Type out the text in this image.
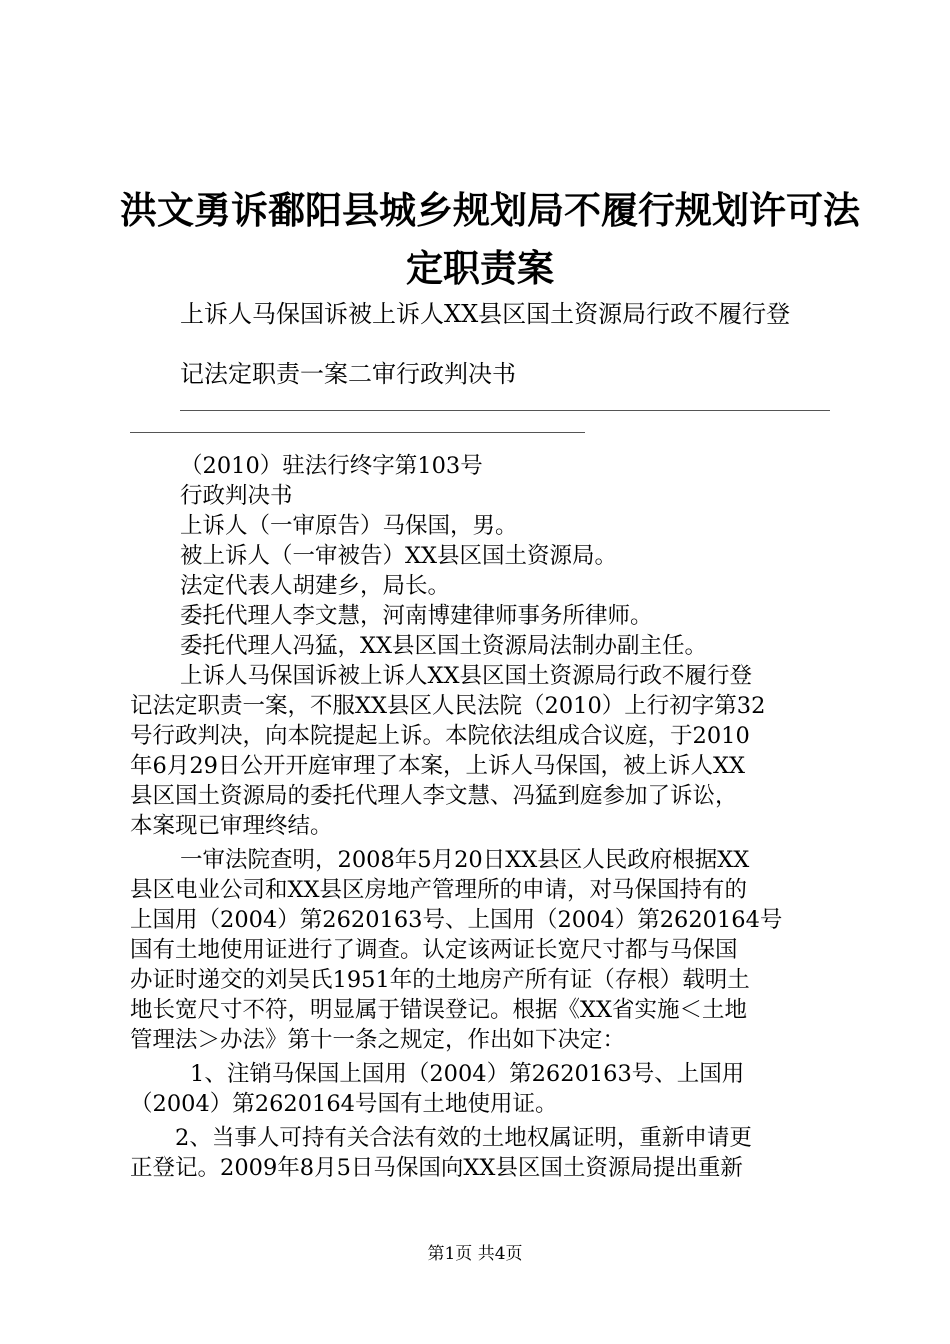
洪文勇诉鄱阳县城乡规划局不履行规划许可法
定职责案
上诉人马保国诉被上诉人XX县区国土资源局行政不履行登
记法定职责一案二审行政判决书
（2010）驻法行终字第103号
行政判决书
上诉人（一审原告）马保国，男。
被上诉人（一审被告）XX县区国土资源局。
法定代表人胡建乡，局长。
委托代理人李文慧，河南博建律师事务所律师。
委托代理人冯猛，XX县区国土资源局法制办副主任。
上诉人马保国诉被上诉人XX县区国土资源局行政不履行登
记法定职责一案，不服XX县区人民法院（2010）上行初字第32
号行政判决，向本院提起上诉。本院依法组成合议庭，于2010
年6月29日公开开庭审理了本案，上诉人马保国，被上诉人XX
县区国土资源局的委托代理人李文慧、冯猛到庭参加了诉讼，
本案现已审理终结。
一审法院查明，2008年5月20日XX县区人民政府根据XX
县区电业公司和XX县区房地产管理所的申请，对马保国持有的
上国用（2004）第2620163号、上国用（2004）第2620164号
国有土地使用证进行了调查。认定该两证长宽尺寸都与马保国
办证时递交的刘吴氏1951年的土地房产所有证（存根）载明土
地长宽尺寸不符，明显属于错误登记。根据《XX省实施＜土地
管理法＞办法》第十一条之规定，作出如下决定：
1、注销马保国上国用（2004）第2620163号、上国用
（2004）第2620164号国有土地使用证。
2、当事人可持有关合法有效的土地权属证明，重新申请更
正登记。2009年8月5日马保国向XX县区国土资源局提出重新
第1页 共4页
